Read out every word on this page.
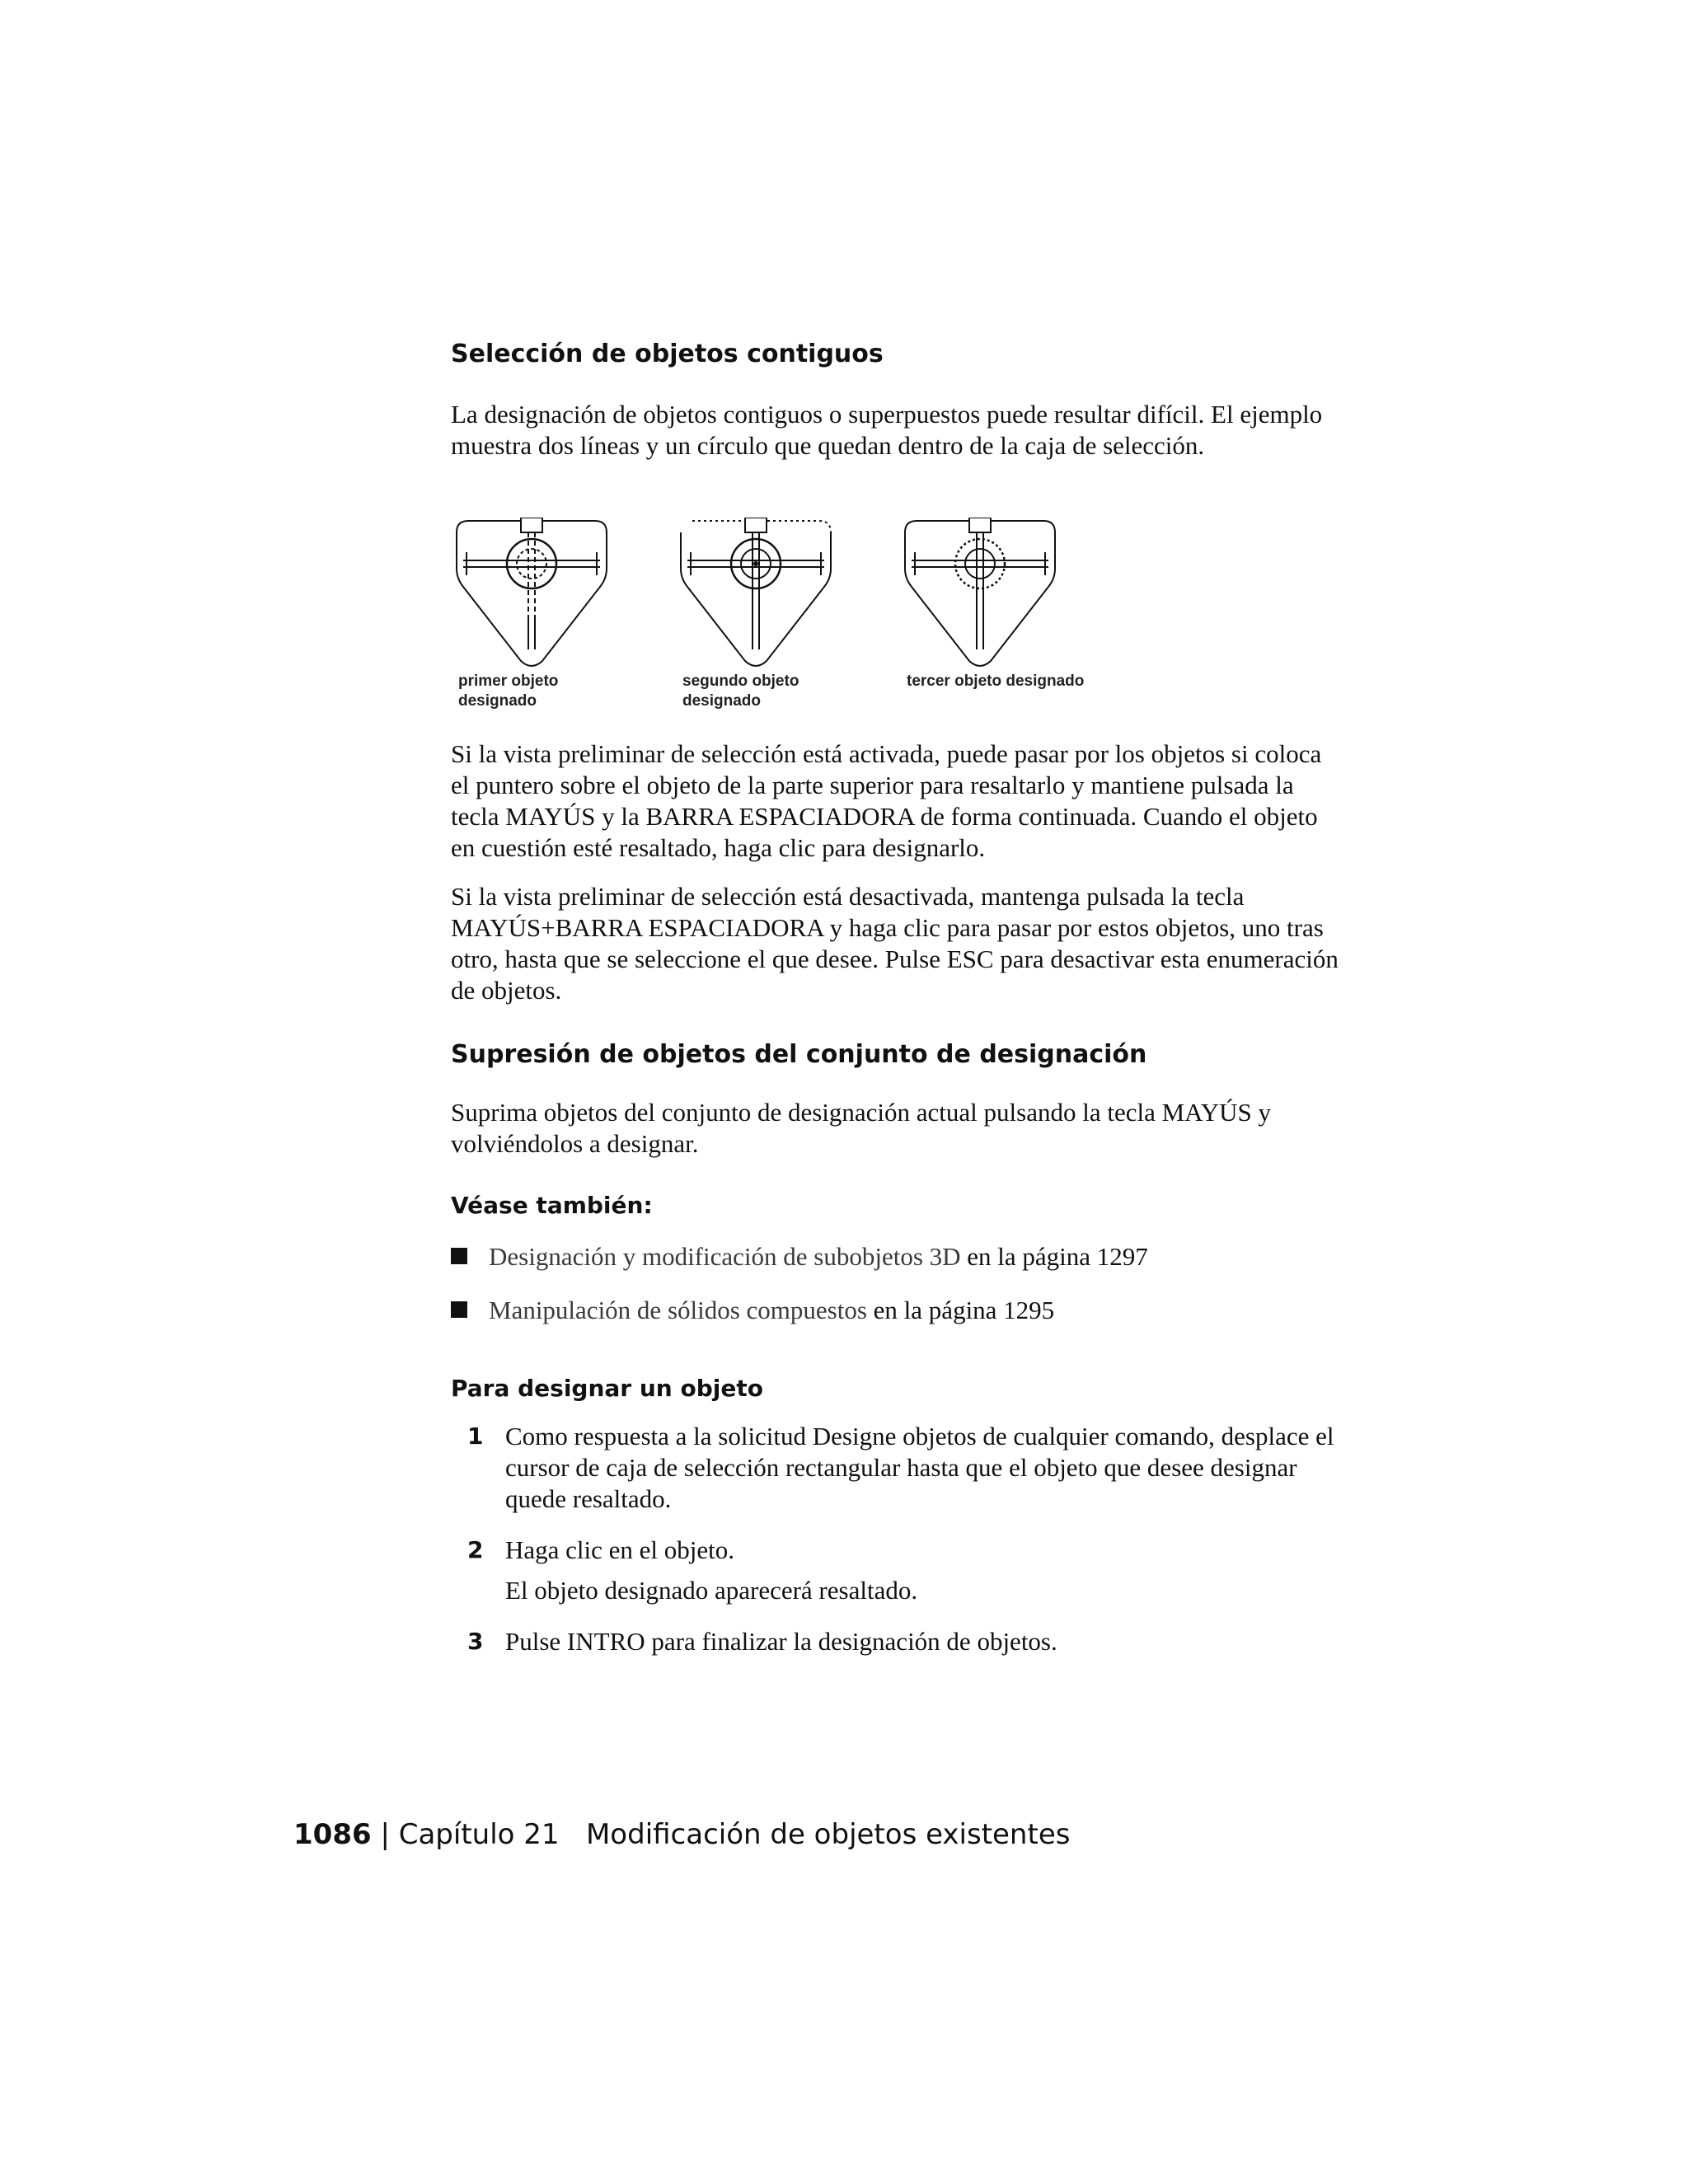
Selección de objetos contiguos

La designación de objetos contiguos o superpuestos puede resultar difícil. El ejemplo muestra dos líneas y un círculo que quedan dentro de la caja de selección.

primer objeto
designado
segundo objeto
designado
tercer objeto designado

Si la vista preliminar de selección está activada, puede pasar por los objetos si coloca el puntero sobre el objeto de la parte superior para resaltarlo y mantiene pulsada la tecla MAYÚS y la BARRA ESPACIADORA de forma continuada. Cuando el objeto en cuestión esté resaltado, haga clic para designarlo.

Si la vista preliminar de selección está desactivada, mantenga pulsada la tecla MAYÚS+BARRA ESPACIADORA y haga clic para pasar por estos objetos, uno tras otro, hasta que se seleccione el que desee. Pulse ESC para desactivar esta enumeración de objetos.

Supresión de objetos del conjunto de designación

Suprima objetos del conjunto de designación actual pulsando la tecla MAYÚS y volviéndolos a designar.

Véase también:
Designación y modificación de subobjetos 3D en la página 1297
Manipulación de sólidos compuestos en la página 1295
Para designar un objeto
1 Como respuesta a la solicitud Designe objetos de cualquier comando, desplace el cursor de caja de selección rectangular hasta que el objeto que desee designar quede resaltado.
2 Haga clic en el objeto.
El objeto designado aparecerá resaltado.
3 Pulse INTRO para finalizar la designación de objetos.
1086 | Capítulo 21 Modificación de objetos existentes
